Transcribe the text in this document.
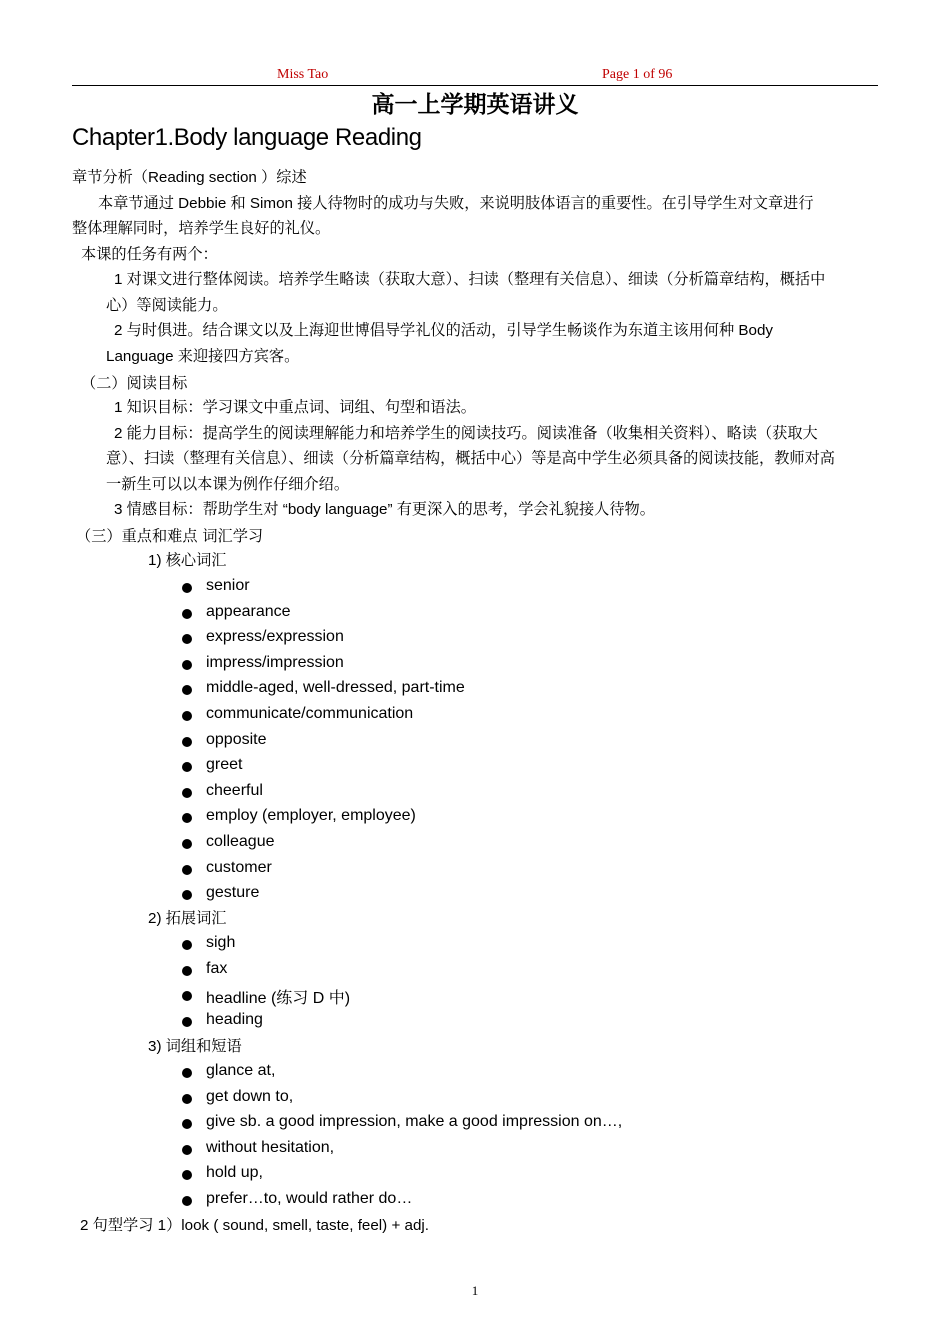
Miss Tao	Page 1 of 96
高一上学期英语讲义
Chapter1.Body language Reading
章节分析（Reading section ）综述
本章节通过 Debbie 和 Simon 接人待物时的成功与失败，来说明肢体语言的重要性。在引导学生对文章进行
整体理解同时，培养学生良好的礼仪。
本课的任务有两个：
1 对课文进行整体阅读。培养学生略读（获取大意）、扫读（整理有关信息）、细读（分析篇章结构，概括中
心）等阅读能力。
2 与时俱进。结合课文以及上海迎世博倡导学礼仪的活动，引导学生畅谈作为东道主该用何种 Body
Language 来迎接四方宾客。
（二）阅读目标
1 知识目标：学习课文中重点词、词组、句型和语法。
2 能力目标：提高学生的阅读理解能力和培养学生的阅读技巧。阅读准备（收集相关资料）、略读（获取大
意）、扫读（整理有关信息）、细读（分析篇章结构，概括中心）等是高中学生必须具备的阅读技能，教师对高
一新生可以以本课为例作仔细介绍。
3 情感目标：帮助学生对 “body language” 有更深入的思考，学会礼貌接人待物。
（三）重点和难点 词汇学习
1) 核心词汇
senior
appearance
express/expression
impress/impression
middle-aged, well-dressed, part-time
communicate/communication
opposite
greet
cheerful
employ (employer, employee)
colleague
customer
gesture
2) 拓展词汇
sigh
fax
headline (练习 D 中)
heading
3) 词组和短语
glance at,
get down to,
give sb. a good impression, make a good impression on…,
without hesitation,
hold up,
prefer…to, would rather do…
2 句型学习 1）look ( sound, smell, taste, feel) + adj.
1
